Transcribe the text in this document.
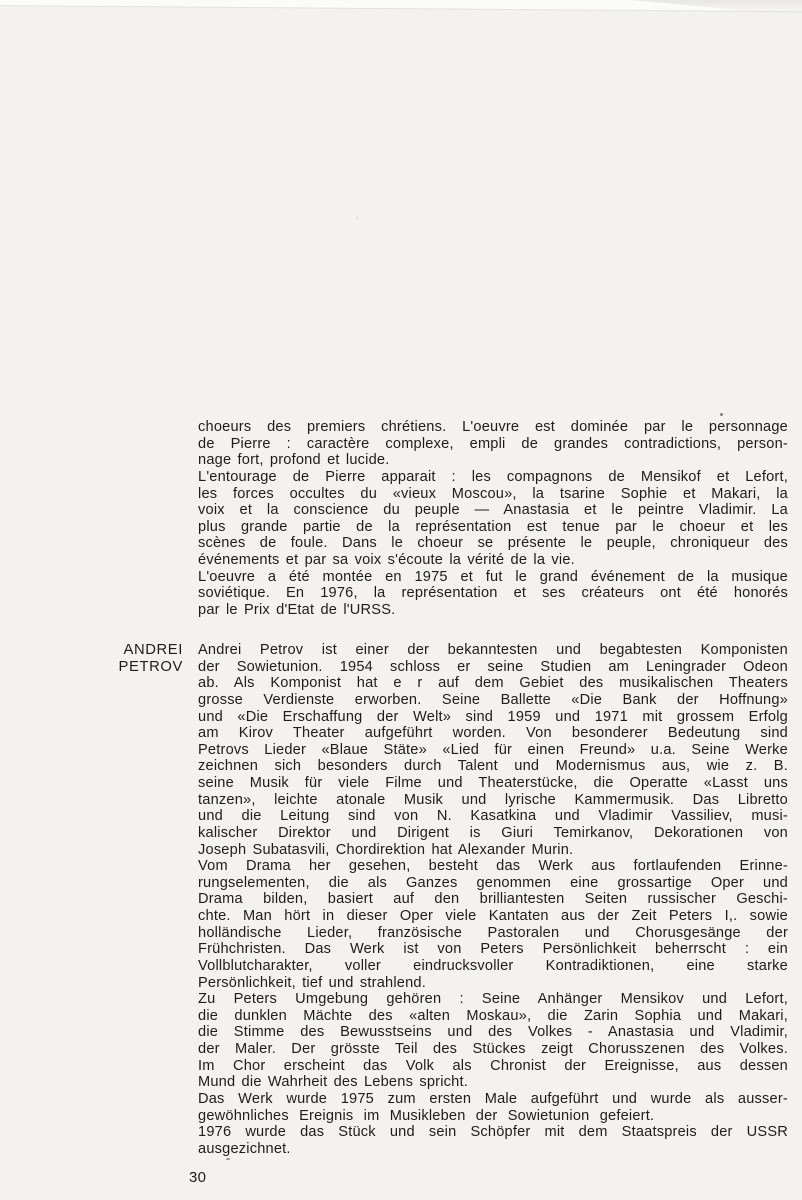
choeurs des premiers chrétiens. L'oeuvre est dominée par le personnage
de Pierre : caractère complexe, empli de grandes contradictions, person-
nage fort, profond et lucide.
L'entourage de Pierre apparait : les compagnons de Mensikof et Lefort,
les forces occultes du «vieux Moscou», la tsarine Sophie et Makari, la
voix et la conscience du peuple — Anastasia et le peintre Vladimir. La
plus grande partie de la représentation est tenue par le choeur et les
scènes de foule. Dans le choeur se présente le peuple, chroniqueur des
événements et par sa voix s'écoute la vérité de la vie.
L'oeuvre a été montée en 1975 et fut le grand événement de la musique
soviétique. En 1976, la représentation et ses créateurs ont été honorés
par le Prix d'Etat de l'URSS.
ANDREI
PETROV
Andrei Petrov ist einer der bekanntesten und begabtesten Komponisten
der Sowietunion. 1954 schloss er seine Studien am Leningrader Odeon
ab. Als Komponist hat e r auf dem Gebiet des musikalischen Theaters
grosse Verdienste erworben. Seine Ballette «Die Bank der Hoffnung»
und «Die Erschaffung der Welt» sind 1959 und 1971 mit grossem Erfolg
am Kirov Theater aufgeführt worden. Von besonderer Bedeutung sind
Petrovs Lieder «Blaue Stäte» «Lied für einen Freund» u.a. Seine Werke
zeichnen sich besonders durch Talent und Modernismus aus, wie z. B.
seine Musik für viele Filme und Theaterstücke, die Operatte «Lasst uns
tanzen», leichte atonale Musik und lyrische Kammermusik. Das Libretto
und die Leitung sind von N. Kasatkina und Vladimir Vassiliev, musi-
kalischer Direktor und Dirigent is Giuri Temirkanov, Dekorationen von
Joseph Subatasvili, Chordirektion hat Alexander Murin.
Vom Drama her gesehen, besteht das Werk aus fortlaufenden Erinne-
rungselementen, die als Ganzes genommen eine grossartige Oper und
Drama bilden, basiert auf den brilliantesten Seiten russischer Geschi-
chte. Man hört in dieser Oper viele Kantaten aus der Zeit Peters I,. sowie
holländische Lieder, französische Pastoralen und Chorusgesänge der
Frühchristen. Das Werk ist von Peters Persönlichkeit beherrscht : ein
Vollblutcharakter, voller eindrucksvoller Kontradiktionen, eine starke
Persönlichkeit, tief und strahlend.
Zu Peters Umgebung gehören : Seine Anhänger Mensikov und Lefort,
die dunklen Mächte des «alten Moskau», die Zarin Sophia und Makari,
die Stimme des Bewusstseins und des Volkes - Anastasia und Vladimir,
der Maler. Der grösste Teil des Stückes zeigt Chorusszenen des Volkes.
Im Chor erscheint das Volk als Chronist der Ereignisse, aus dessen
Mund die Wahrheit des Lebens spricht.
Das Werk wurde 1975 zum ersten Male aufgeführt und wurde als ausser-
gewöhnliches Ereignis im Musikleben der Sowietunion gefeiert.
1976 wurde das Stück und sein Schöpfer mit dem Staatspreis der USSR
ausgezichnet.
30
